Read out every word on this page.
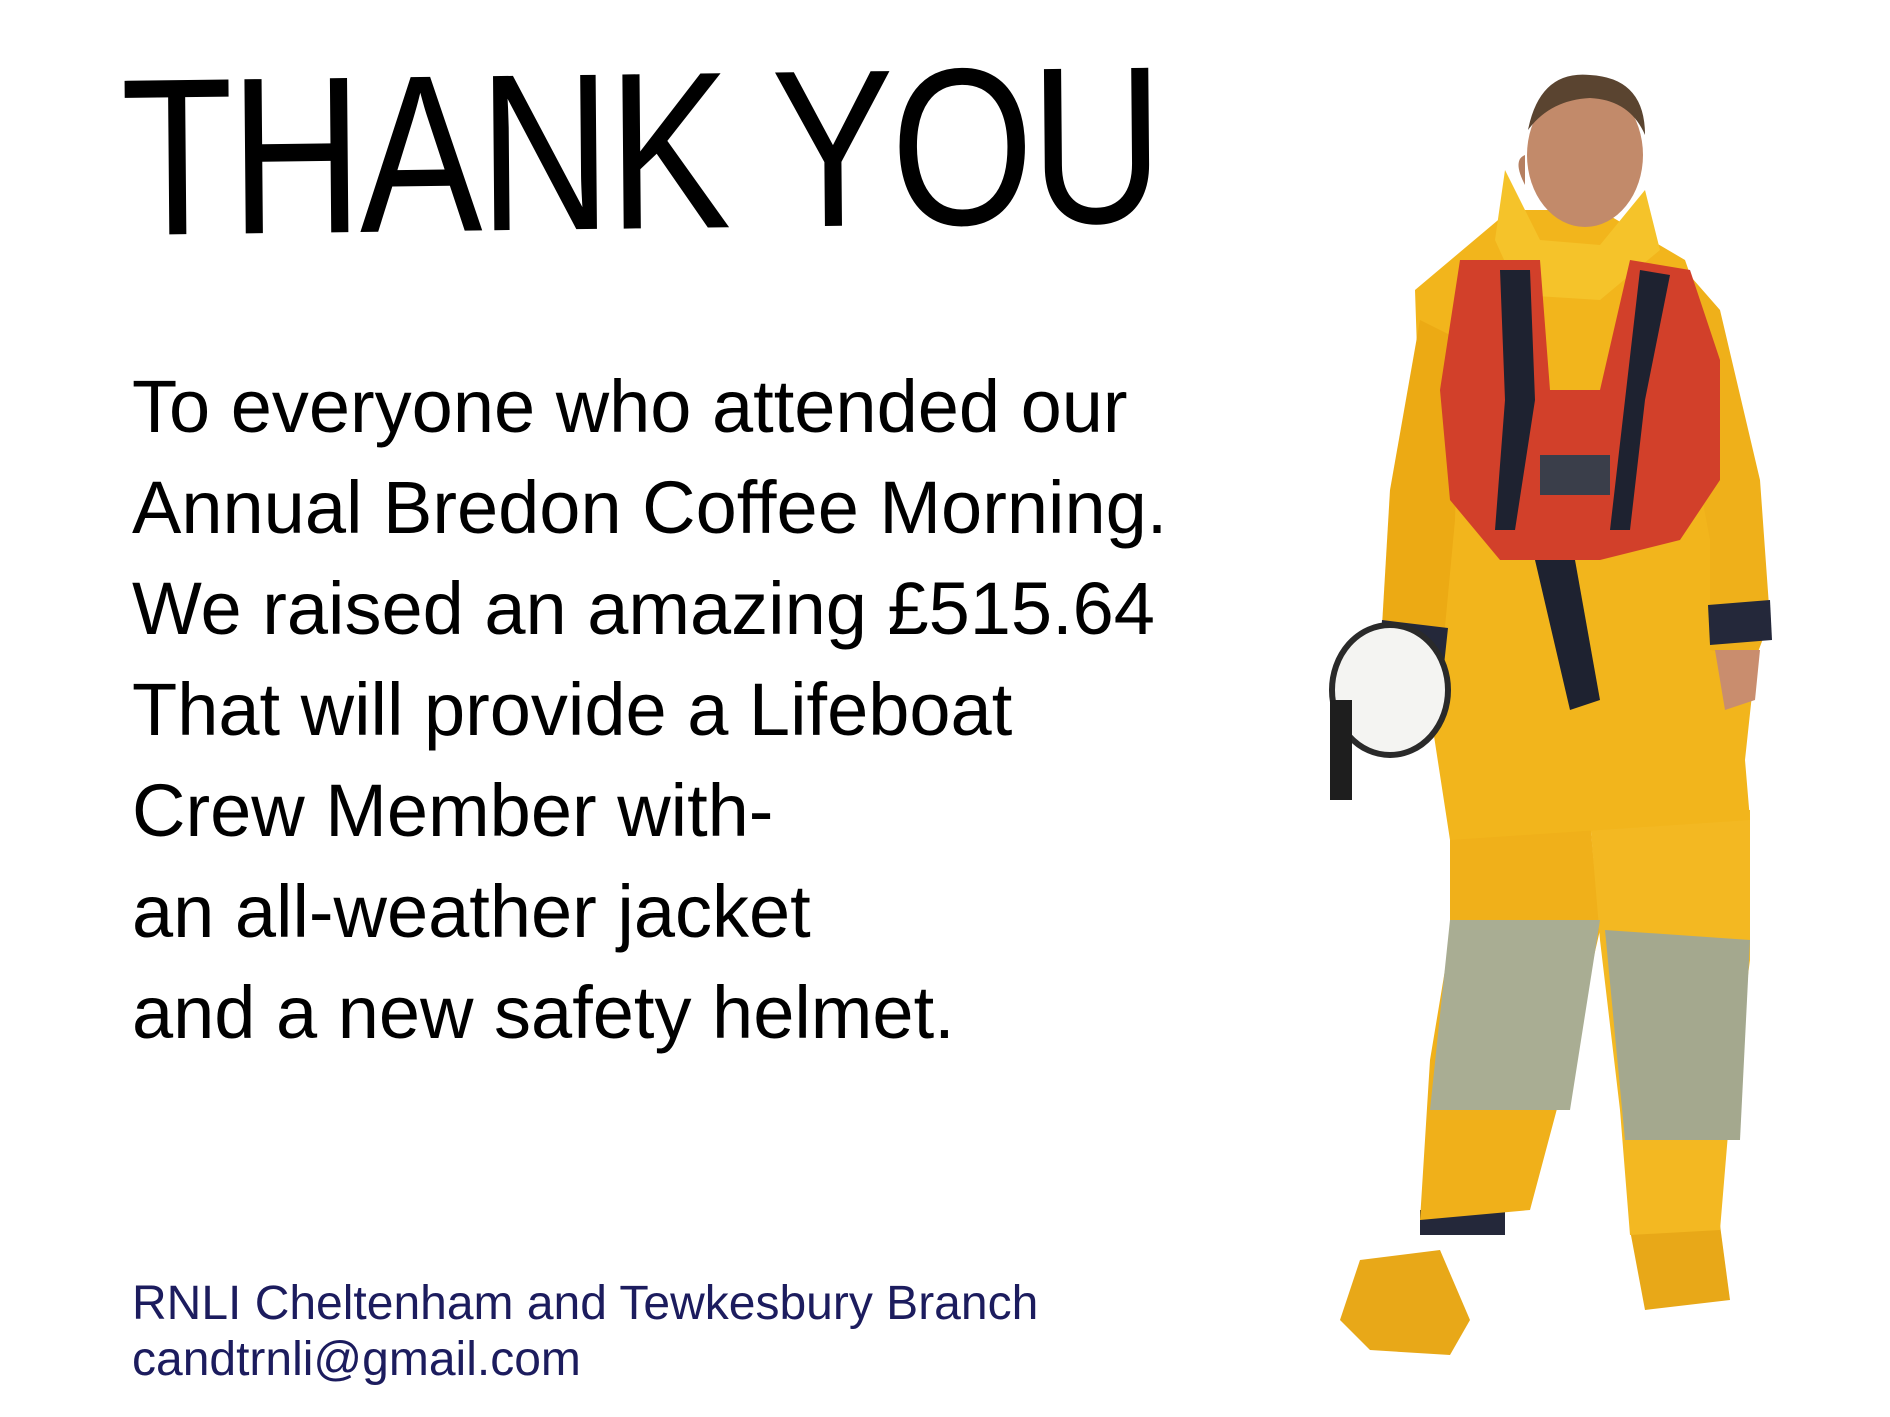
THANK YOU
To everyone who attended our
Annual Bredon Coffee Morning.
We raised an amazing £515.64
That will provide a Lifeboat
Crew Member with-
an all-weather jacket
and a new safety helmet.
RNLI Cheltenham and Tewkesbury Branch
candtrnli@gmail.com
